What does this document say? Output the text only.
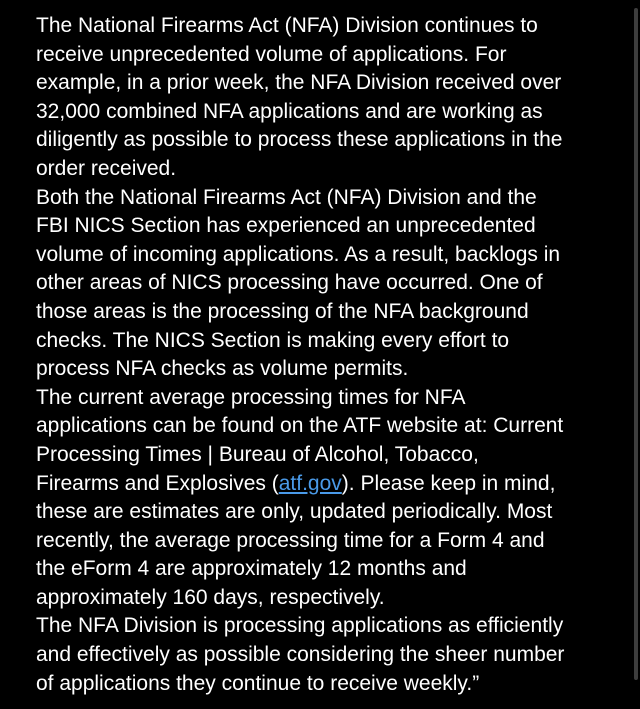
The National Firearms Act (NFA) Division continues to
receive unprecedented volume of applications. For
example, in a prior week, the NFA Division received over
32,000 combined NFA applications and are working as
diligently as possible to process these applications in the
order received.

Both the National Firearms Act (NFA) Division and the
FBI NICS Section has experienced an unprecedented
volume of incoming applications. As a result, backlogs in
other areas of NICS processing have occurred. One of
those areas is the processing of the NFA background
checks. The NICS Section is making every effort to
process NFA checks as volume permits.

The current average processing times for NFA
applications can be found on the ATF website at: Current
Processing Times | Bureau of Alcohol, Tobacco,
Firearms and Explosives (atf.gov). Please keep in mind,
these are estimates are only, updated periodically. Most
recently, the average processing time for a Form 4 and
the eForm 4 are approximately 12 months and
approximately 160 days, respectively.

The NFA Division is processing applications as efficiently
and effectively as possible considering the sheer number
of applications they continue to receive weekly.”
